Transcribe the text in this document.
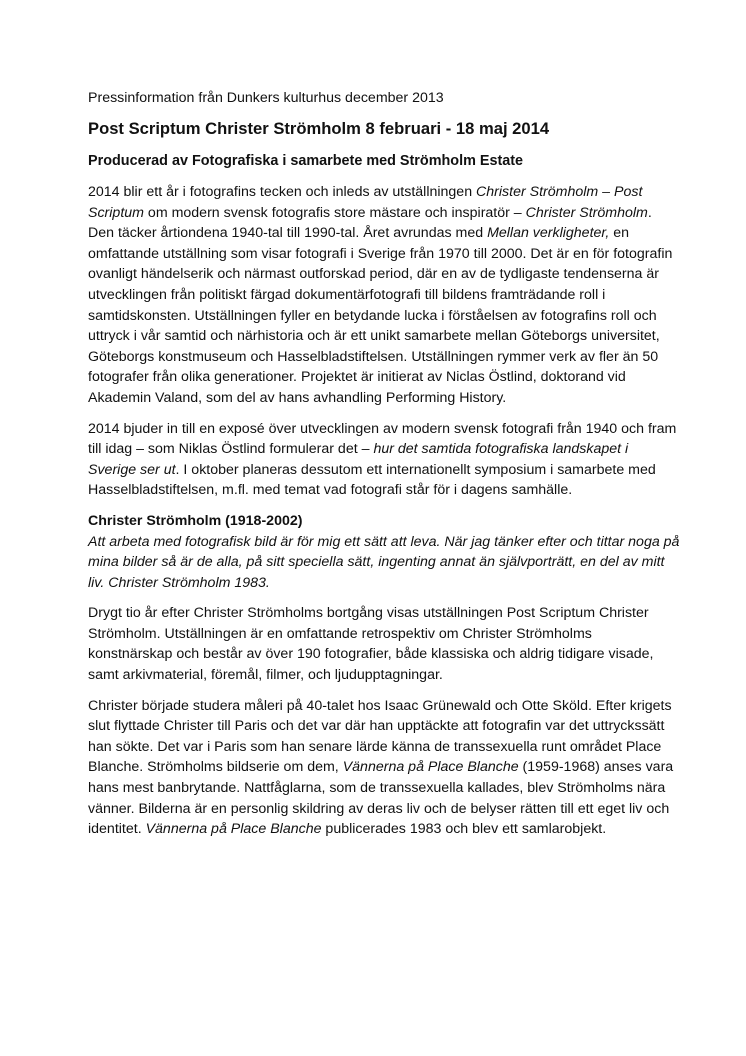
Pressinformation från Dunkers kulturhus december 2013

Post Scriptum Christer Strömholm 8 februari - 18 maj 2014

Producerad av Fotografiska i samarbete med Strömholm Estate

2014 blir ett år i fotografins tecken och inleds av utställningen Christer Strömholm – Post Scriptum om modern svensk fotografis store mästare och inspiratör – Christer Strömholm. Den täcker årtiondena 1940-tal till 1990-tal. Året avrundas med Mellan verkligheter, en omfattande utställning som visar fotografi i Sverige från 1970 till 2000. Det är en för fotografin ovanligt händelserik och närmast outforskad period, där en av de tydligaste tendenserna är utvecklingen från politiskt färgad dokumentärfotografi till bildens framträdande roll i samtidskonsten. Utställningen fyller en betydande lucka i förståelsen av fotografins roll och uttryck i vår samtid och närhistoria och är ett unikt samarbete mellan Göteborgs universitet, Göteborgs konstmuseum och Hasselbladstiftelsen. Utställningen rymmer verk av fler än 50 fotografer från olika generationer. Projektet är initierat av Niclas Östlind, doktorand vid Akademin Valand, som del av hans avhandling Performing History.

2014 bjuder in till en exposé över utvecklingen av modern svensk fotografi från 1940 och fram till idag – som Niklas Östlind formulerar det – hur det samtida fotografiska landskapet i Sverige ser ut. I oktober planeras dessutom ett internationellt symposium i samarbete med Hasselbladstiftelsen, m.fl. med temat vad fotografi står för i dagens samhälle.

Christer Strömholm (1918-2002)

Att arbeta med fotografisk bild är för mig ett sätt att leva. När jag tänker efter och tittar noga på mina bilder så är de alla, på sitt speciella sätt, ingenting annat än självporträtt, en del av mitt liv. Christer Strömholm 1983.

Drygt tio år efter Christer Strömholms bortgång visas utställningen Post Scriptum Christer Strömholm. Utställningen är en omfattande retrospektiv om Christer Strömholms konstnärskap och består av över 190 fotografier, både klassiska och aldrig tidigare visade, samt arkivmaterial, föremål, filmer, och ljudupptagningar.

Christer började studera måleri på 40-talet hos Isaac Grünewald och Otte Sköld. Efter krigets slut flyttade Christer till Paris och det var där han upptäckte att fotografin var det uttryckssätt han sökte. Det var i Paris som han senare lärde känna de transsexuella runt området Place Blanche. Strömholms bildserie om dem, Vännerna på Place Blanche (1959-1968) anses vara hans mest banbrytande. Nattfåglarna, som de transsexuella kallades, blev Strömholms nära vänner. Bilderna är en personlig skildring av deras liv och de belyser rätten till ett eget liv och identitet. Vännerna på Place Blanche publicerades 1983 och blev ett samlarobjekt.
